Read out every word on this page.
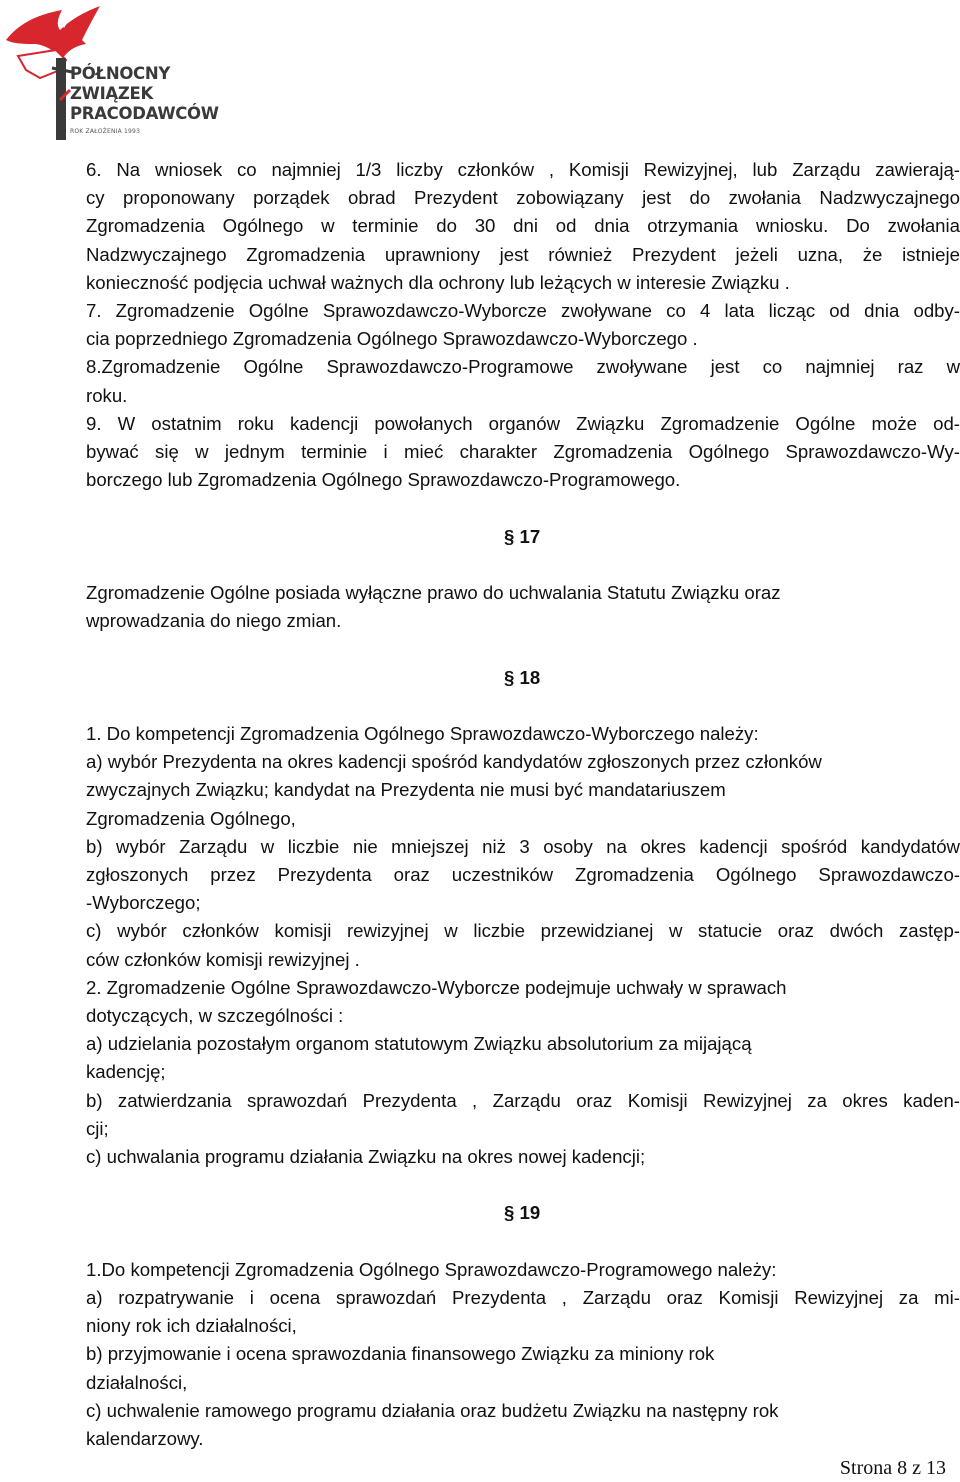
PÓŁNOCNY
ZWIĄZEK
PRACODAWCÓW
ROK ZAŁOŻENIA 1993

6. Na wniosek co najmniej 1/3 liczby członków , Komisji Rewizyjnej, lub Zarządu zawierają-

cy proponowany porządek obrad Prezydent zobowiązany jest do zwołania Nadzwyczajnego

Zgromadzenia Ogólnego w terminie do 30 dni od dnia otrzymania wniosku. Do zwołania

Nadzwyczajnego Zgromadzenia uprawniony jest również Prezydent jeżeli uzna, że istnieje

konieczność podjęcia uchwał ważnych dla ochrony lub leżących w interesie Związku .

7. Zgromadzenie Ogólne Sprawozdawczo-Wyborcze zwoływane co 4 lata licząc od dnia odby-

cia poprzedniego Zgromadzenia Ogólnego Sprawozdawczo-Wyborczego .

8.Zgromadzenie Ogólne Sprawozdawczo-Programowe zwoływane jest co najmniej raz w

roku.

9. W ostatnim roku kadencji powołanych organów Związku Zgromadzenie Ogólne może od-

bywać się w jednym terminie i mieć charakter Zgromadzenia Ogólnego Sprawozdawczo-Wy-

borczego lub Zgromadzenia Ogólnego Sprawozdawczo-Programowego.

§ 17

Zgromadzenie Ogólne posiada wyłączne prawo do uchwalania Statutu Związku oraz

wprowadzania do niego zmian.

§ 18

1. Do kompetencji Zgromadzenia Ogólnego Sprawozdawczo-Wyborczego należy:

a) wybór Prezydenta na okres kadencji spośród kandydatów zgłoszonych przez członków

zwyczajnych Związku; kandydat na Prezydenta nie musi być mandatariuszem

Zgromadzenia Ogólnego,

b) wybór Zarządu w liczbie nie mniejszej niż 3 osoby na okres kadencji spośród kandydatów

zgłoszonych przez Prezydenta oraz uczestników Zgromadzenia Ogólnego Sprawozdawczo-

-Wyborczego;

c) wybór członków komisji rewizyjnej w liczbie przewidzianej w statucie oraz dwóch zastęp-

ców członków komisji rewizyjnej .

2. Zgromadzenie Ogólne Sprawozdawczo-Wyborcze podejmuje uchwały w sprawach

dotyczących, w szczególności :

a) udzielania pozostałym organom statutowym Związku absolutorium za mijającą

kadencję;

b) zatwierdzania sprawozdań Prezydenta , Zarządu oraz Komisji Rewizyjnej za okres kaden-

cji;

c) uchwalania programu działania Związku na okres nowej kadencji;

§ 19

1.Do kompetencji Zgromadzenia Ogólnego Sprawozdawczo-Programowego należy:

a) rozpatrywanie i ocena sprawozdań Prezydenta , Zarządu oraz Komisji Rewizyjnej za mi-

niony rok ich działalności,

b) przyjmowanie i ocena sprawozdania finansowego Związku za miniony rok

działalności,

c) uchwalenie ramowego programu działania oraz budżetu Związku na następny rok

kalendarzowy.

Strona 8 z 13
